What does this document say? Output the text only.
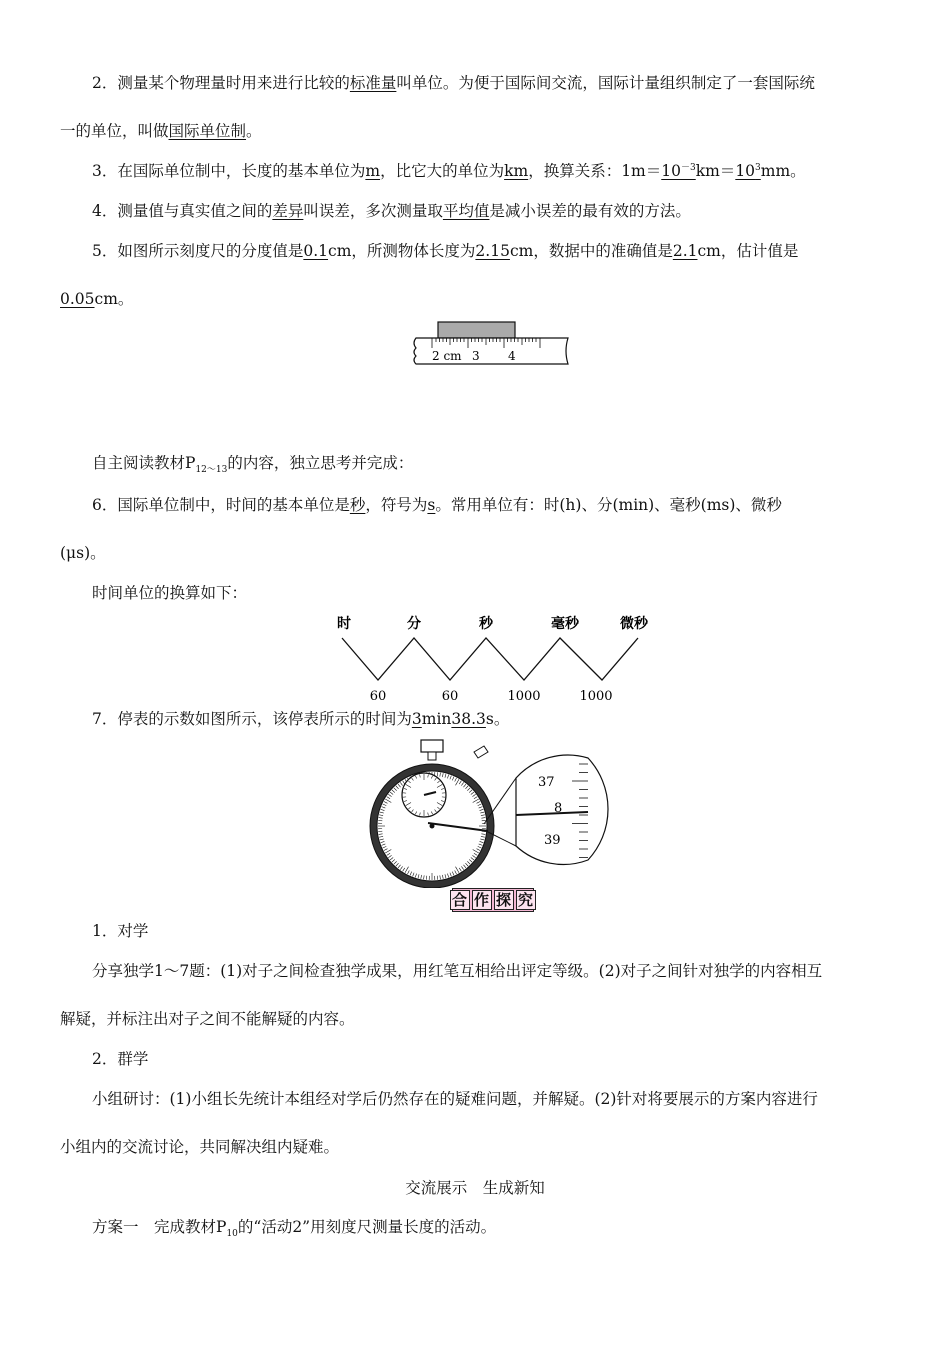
2．测量某个物理量时用来进行比较的标准量叫单位。为便于国际间交流，国际计量组织制定了一套国际统
一的单位，叫做国际单位制。
3．在国际单位制中，长度的基本单位为m，比它大的单位为km，换算关系：$1m=10^{-3}km=10^3mm$。
4．测量值与真实值之间的差异叫误差，多次测量取平均值是减小误差的最有效的方法。
5．如图所示刻度尺的分度值是0.1cm，所测物体长度为2.15cm，数据中的准确值是2.1cm，估计值是
0.05cm。
2 cm 3 4
自主阅读教材$P_{12\sim 13}$的内容，独立思考并完成：
6．国际单位制中，时间的基本单位是秒，符号为s。常用单位有：时(h)、分(min)、毫秒(ms)、微秒
(μs)。
时间单位的换算如下：
时	分	秒	毫秒	微秒
60	60	1000	1000
7．停表的示数如图所示，该停表所示的时间为3min38.3s。
37
8
39
合 作 探 究
1．对学
分享独学1～7题：(1)对子之间检查独学成果，用红笔互相给出评定等级。(2)对子之间针对独学的内容相互
解疑，并标注出对子之间不能解疑的内容。
2．群学
小组研讨：(1)小组长先统计本组经对学后仍然存在的疑难问题，并解疑。(2)针对将要展示的方案内容进行
小组内的交流讨论，共同解决组内疑难。
交流展示　生成新知
方案一　完成教材$P_{10}$的“活动2”用刻度尺测量长度的活动。
